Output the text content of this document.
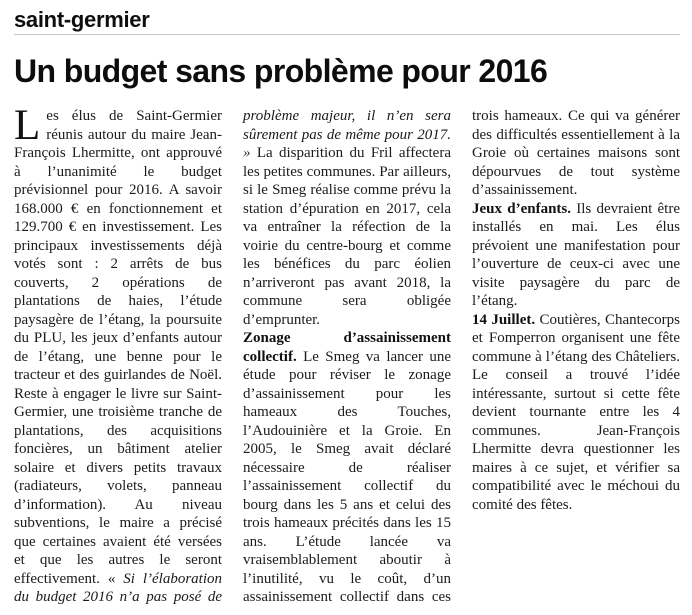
saint-germier
Un budget sans problème pour 2016

Les élus de Saint-Germier réunis autour du maire Jean-François Lhermitte, ont approuvé à l’unanimité le budget prévisionnel pour 2016. A savoir 168.000 € en fonctionnement et 129.700 € en investissement. Les principaux investissements déjà votés sont : 2 arrêts de bus couverts, 2 opérations de plantations de haies, l’étude paysagère de l’étang, la poursuite du PLU, les jeux d’enfants autour de l’étang, une benne pour le tracteur et des guirlandes de Noël. Reste à engager le livre sur Saint-Germier, une troisième tranche de plantations, des acquisitions foncières, un bâtiment atelier solaire et divers petits travaux (radiateurs, volets, panneau d’information). Au niveau subventions, le maire a précisé que certaines avaient été versées et que les autres le seront effectivement. « Si l’élaboration du budget 2016 n’a pas posé de problème majeur, il n’en sera sûrement pas de même pour 2017. » La disparition du Fril affectera les petites communes. Par ailleurs, si le Smeg réalise comme prévu la station d’épuration en 2017, cela va entraîner la réfection de la voirie du centre-bourg et comme les bénéfices du parc éolien n’arriveront pas avant 2018, la commune sera obligée d’emprunter.

Zonage d’assainissement collectif. Le Smeg va lancer une étude pour réviser le zonage d’assainissement pour les hameaux des Touches, l’Audouinière et la Groie. En 2005, le Smeg avait déclaré nécessaire de réaliser l’assainissement collectif du bourg dans les 5 ans et celui des trois hameaux précités dans les 15 ans. L’étude lancée va vraisemblablement aboutir à l’inutilité, vu le coût, d’un assainissement collectif dans ces trois hameaux. Ce qui va générer des difficultés essentiellement à la Groie où certaines maisons sont dépourvues de tout système d’assainissement.

Jeux d’enfants. Ils devraient être installés en mai. Les élus prévoient une manifestation pour l’ouverture de ceux-ci avec une visite paysagère du parc de l’étang.

14 Juillet. Coutières, Chantecorps et Fomperron organisent une fête commune à l’étang des Châteliers. Le conseil a trouvé l’idée intéressante, surtout si cette fête devient tournante entre les 4 communes. Jean-François Lhermitte devra questionner les maires à ce sujet, et vérifier sa compatibilité avec le méchoui du comité des fêtes.
